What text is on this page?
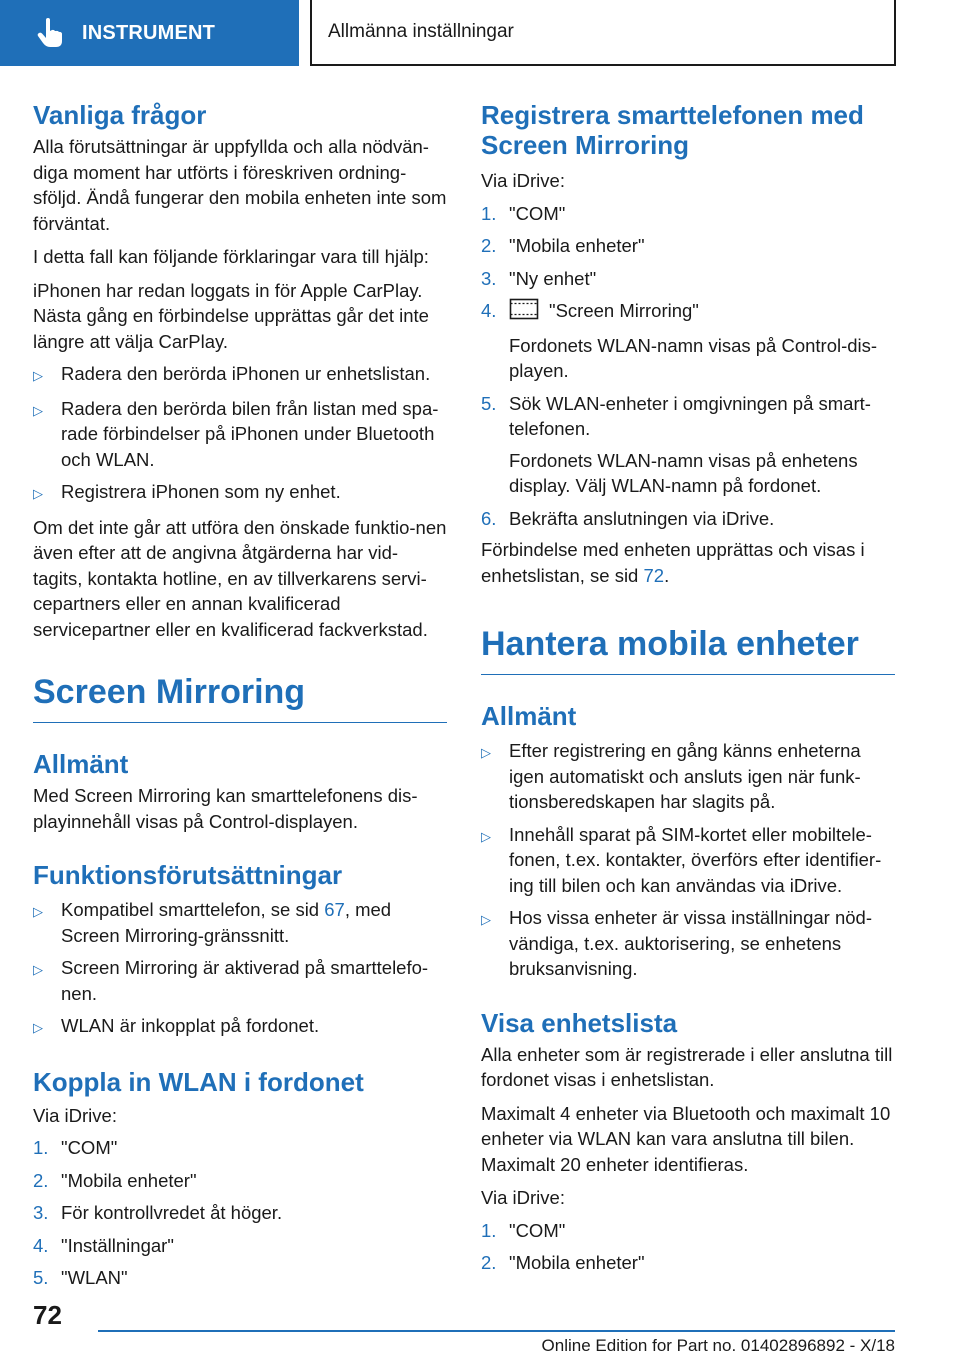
INSTRUMENT	Allmänna inställningar
Vanliga frågor
Alla förutsättningar är uppfyllda och alla nödvän-diga moment har utförts i föreskriven ordning-sföljd. Ändå fungerar den mobila enheten inte som förväntat.
I detta fall kan följande förklaringar vara till hjälp:
iPhonen har redan loggats in för Apple CarPlay. Nästa gång en förbindelse upprättas går det inte längre att välja CarPlay.
▷ Radera den berörda iPhonen ur enhetslistan.
▷ Radera den berörda bilen från listan med spa-rade förbindelser på iPhonen under Bluetooth och WLAN.
▷ Registrera iPhonen som ny enhet.
Om det inte går att utföra den önskade funktio-nen även efter att de angivna åtgärderna har vid-tagits, kontakta hotline, en av tillverkarens servi-cepartners eller en annan kvalificerad servicepartner eller en kvalificerad fackverkstad.
Screen Mirroring
Allmänt
Med Screen Mirroring kan smarttelefonens dis-playinnehåll visas på Control-displayen.
Funktionsförutsättningar
▷ Kompatibel smarttelefon, se sid 67, med Screen Mirroring-gränssnitt.
▷ Screen Mirroring är aktiverad på smarttelefo-nen.
▷ WLAN är inkopplat på fordonet.
Koppla in WLAN i fordonet
Via iDrive:
1. "COM"
2. "Mobila enheter"
3. För kontrollvredet åt höger.
4. "Inställningar"
5. "WLAN"
Registrera smarttelefonen med Screen Mirroring
Via iDrive:
1. "COM"
2. "Mobila enheter"
3. "Ny enhet"
4.	"Screen Mirroring"
Fordonets WLAN-namn visas på Control-dis-playen.
5. Sök WLAN-enheter i omgivningen på smart-telefonen.
Fordonets WLAN-namn visas på enhetens display. Välj WLAN-namn på fordonet.
6. Bekräfta anslutningen via iDrive.
Förbindelse med enheten upprättas och visas i enhetslistan, se sid 72.
Hantera mobila enheter
Allmänt
▷ Efter registrering en gång känns enheterna igen automatiskt och ansluts igen när funk-tionsberedskapen har slagits på.
▷ Innehåll sparat på SIM-kortet eller mobiltele-fonen, t.ex. kontakter, överförs efter identifier-ing till bilen och kan användas via iDrive.
▷ Hos vissa enheter är vissa inställningar nöd-vändiga, t.ex. auktorisering, se enhetens bruksanvisning.
Visa enhetslista
Alla enheter som är registrerade i eller anslutna till fordonet visas i enhetslistan.
Maximalt 4 enheter via Bluetooth och maximalt 10 enheter via WLAN kan vara anslutna till bilen. Maximalt 20 enheter identifieras.
Via iDrive:
1. "COM"
2. "Mobila enheter"
72
Online Edition for Part no. 01402896892 - X/18
